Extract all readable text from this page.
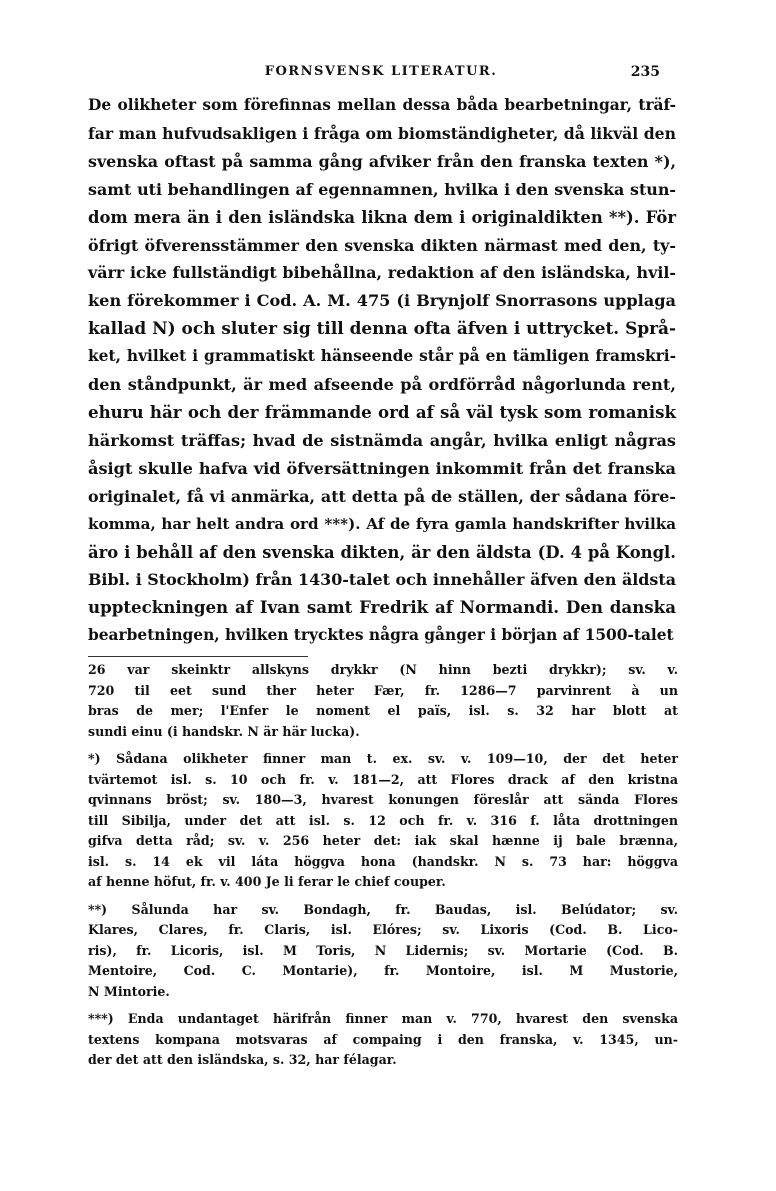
FORNSVENSK LITERATUR.	235
De olikheter som förefinnas mellan dessa båda bearbetningar, träf-
far man hufvudsakligen i fråga om biomständigheter, då likväl den
svenska oftast på samma gång afviker från den franska texten *),
samt uti behandlingen af egennamnen, hvilka i den svenska stun-
dom mera än i den isländska likna dem i originaldikten **). För
öfrigt öfverensstämmer den svenska dikten närmast med den, ty-
värr icke fullständigt bibehållna, redaktion af den isländska, hvil-
ken förekommer i Cod. A. M. 475 (i Brynjolf Snorrasons upplaga
kallad N) och sluter sig till denna ofta äfven i uttrycket. Språ-
ket, hvilket i grammatiskt hänseende står på en tämligen framskri-
den ståndpunkt, är med afseende på ordförråd någorlunda rent,
ehuru här och der främmande ord af så väl tysk som romanisk
härkomst träffas; hvad de sistnämda angår, hvilka enligt någras
åsigt skulle hafva vid öfversättningen inkommit från det franska
originalet, få vi anmärka, att detta på de ställen, der sådana före-
komma, har helt andra ord ***). Af de fyra gamla handskrifter hvilka
äro i behåll af den svenska dikten, är den äldsta (D. 4 på Kongl.
Bibl. i Stockholm) från 1430-talet och innehåller äfven den äldsta
uppteckningen af Ivan samt Fredrik af Normandi. Den danska
bearbetningen, hvilken trycktes några gånger i början af 1500-talet
26 var skeinktr allskyns drykkr (N hinn bezti drykkr); sv. v.
720 til eet sund ther heter Fær, fr. 1286—7 parvinrent à un
bras de mer; l'Enfer le noment el païs, isl. s. 32 har blott at
sundi einu (i handskr. N är här lucka).
*) Sådana olikheter finner man t. ex. sv. v. 109—10, der det heter
tvärtemot isl. s. 10 och fr. v. 181—2, att Flores drack af den kristna
qvinnans bröst; sv. 180—3, hvarest konungen föreslår att sända Flores
till Sibilja, under det att isl. s. 12 och fr. v. 316 f. låta drottningen
gifva detta råd; sv. v. 256 heter det: iak skal hænne ij bale brænna,
isl. s. 14 ek vil láta höggva hona (handskr. N s. 73 har: höggva
af henne höfut, fr. v. 400 Je li ferar le chief couper.
**) Sålunda har sv. Bondagh, fr. Baudas, isl. Belúdator; sv.
Klares, Clares, fr. Claris, isl. Elóres; sv. Lixoris (Cod. B. Lico-
ris), fr. Licoris, isl. M Toris, N Lidernis; sv. Mortarie (Cod. B.
Mentoire, Cod. C. Montarie), fr. Montoire, isl. M Mustorie,
N Mintorie.
***) Enda undantaget härifrån finner man v. 770, hvarest den svenska
textens kompana motsvaras af compaing i den franska, v. 1345, un-
der det att den isländska, s. 32, har félagar.
